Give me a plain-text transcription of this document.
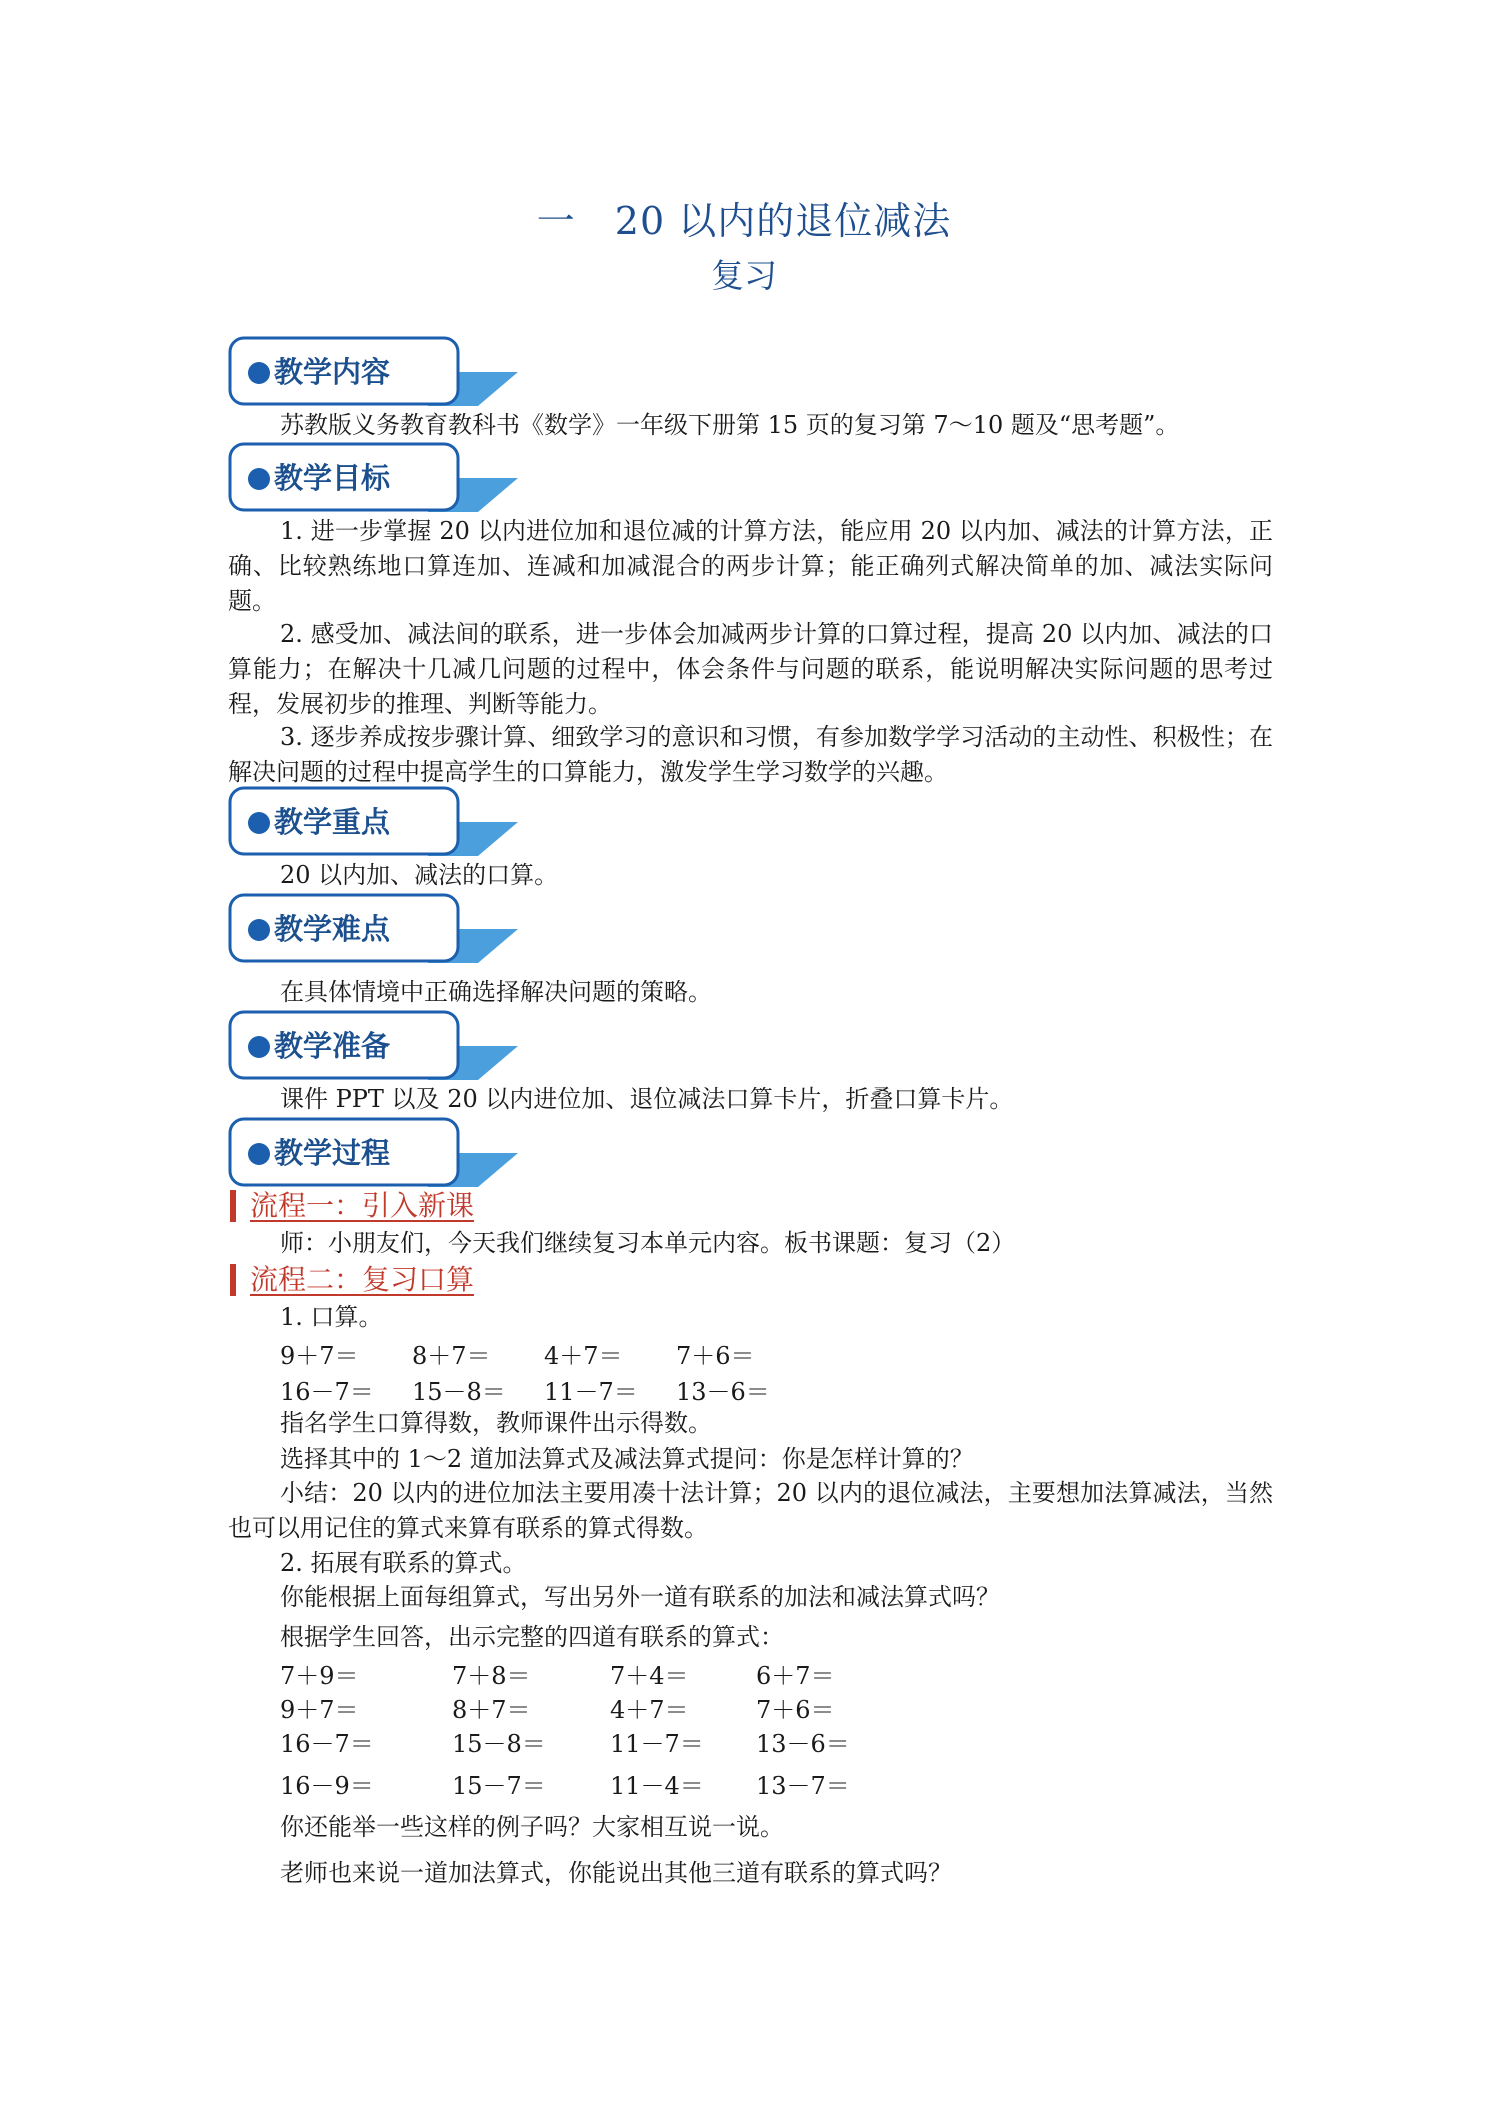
一　20 以内的退位减法
复习
教学内容

苏教版义务教育教科书《数学》一年级下册第 15 页的复习第 7～10 题及“思考题”。

教学目标

1. 进一步掌握 20 以内进位加和退位减的计算方法，能应用 20 以内加、减法的计算方法，正确、比较熟练地口算连加、连减和加减混合的两步计算；能正确列式解决简单的加、减法实际问题。

2. 感受加、减法间的联系，进一步体会加减两步计算的口算过程，提高 20 以内加、减法的口算能力；在解决十几减几问题的过程中，体会条件与问题的联系，能说明解决实际问题的思考过程，发展初步的推理、判断等能力。

3. 逐步养成按步骤计算、细致学习的意识和习惯，有参加数学学习活动的主动性、积极性；在解决问题的过程中提高学生的口算能力，激发学生学习数学的兴趣。

教学重点

20 以内加、减法的口算。

教学难点

在具体情境中正确选择解决问题的策略。

教学准备

课件 PPT 以及 20 以内进位加、退位减法口算卡片，折叠口算卡片。

教学过程
流程一：引入新课
师：小朋友们，今天我们继续复习本单元内容。板书课题：复习（2）
流程二：复习口算
1. 口算。
9＋7＝ 8＋7＝ 4＋7＝ 7＋6＝
16－7＝ 15－8＝ 11－7＝ 13－6＝
指名学生口算得数，教师课件出示得数。
选择其中的 1～2 道加法算式及减法算式提问：你是怎样计算的？

小结：20 以内的进位加法主要用凑十法计算；20 以内的退位减法，主要想加法算减法，当然也可以用记住的算式来算有联系的算式得数。

2. 拓展有联系的算式。
你能根据上面每组算式，写出另外一道有联系的加法和减法算式吗？
根据学生回答，出示完整的四道有联系的算式：
7＋9＝	7＋8＝	7＋4＝	6＋7＝
9＋7＝	8＋7＝	4＋7＝	7＋6＝
16－7＝	15－8＝	11－7＝ 13－6＝
16－9＝	15－7＝	11－4＝ 13－7＝
你还能举一些这样的例子吗？大家相互说一说。
老师也来说一道加法算式，你能说出其他三道有联系的算式吗？
